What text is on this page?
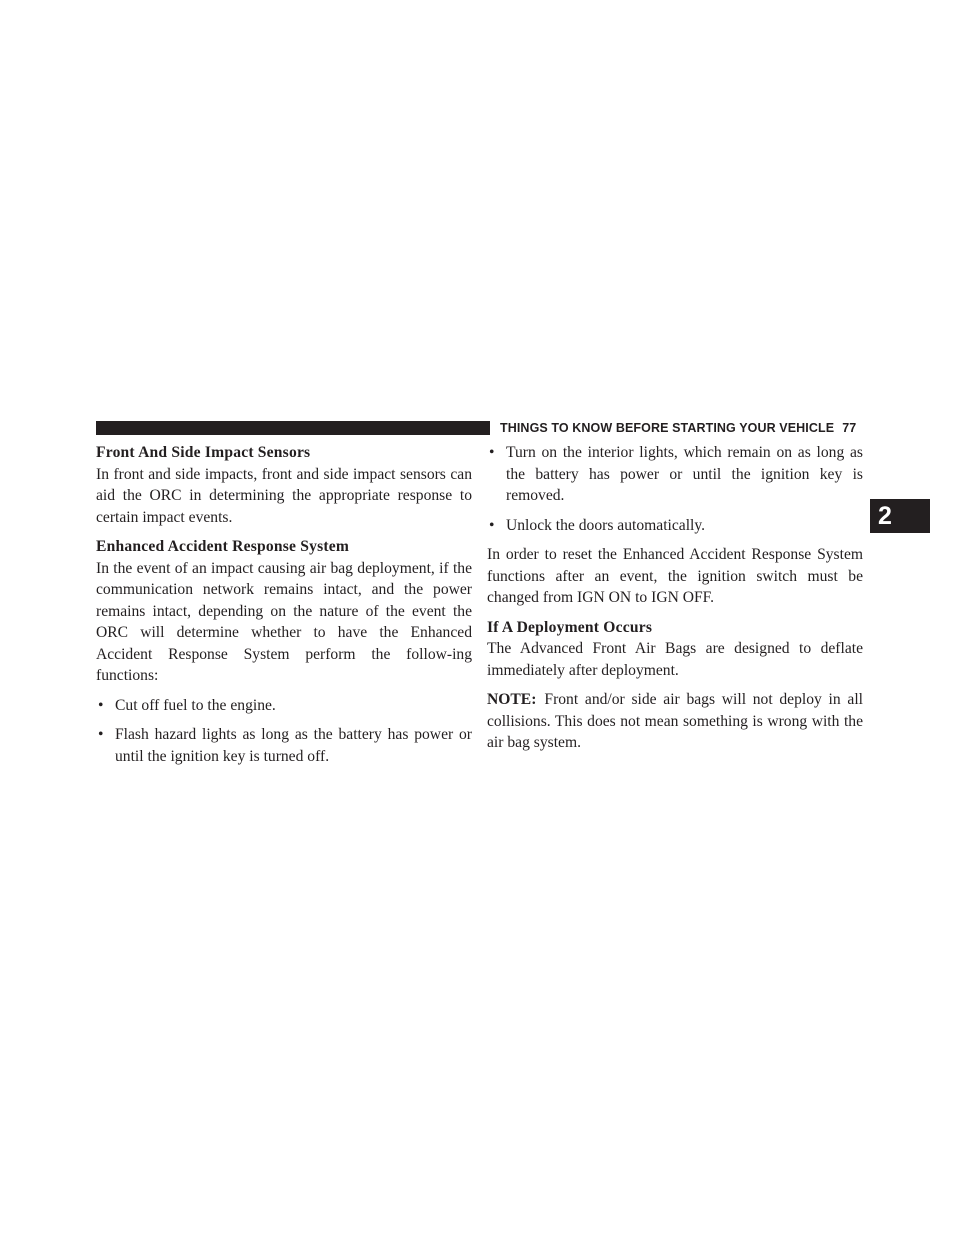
THINGS TO KNOW BEFORE STARTING YOUR VEHICLE 77
2
Front And Side Impact Sensors

In front and side impacts, front and side impact sensors can aid the ORC in determining the appropriate response to certain impact events.

Enhanced Accident Response System

In the event of an impact causing air bag deployment, if the communication network remains intact, and the power remains intact, depending on the nature of the event the ORC will determine whether to have the Enhanced Accident Response System perform the follow-ing functions:

• Cut off fuel to the engine.
• Flash hazard lights as long as the battery has power or until the ignition key is turned off.
• Turn on the interior lights, which remain on as long as the battery has power or until the ignition key is removed.
• Unlock the doors automatically.

In order to reset the Enhanced Accident Response System functions after an event, the ignition switch must be changed from IGN ON to IGN OFF.

If A Deployment Occurs

The Advanced Front Air Bags are designed to deflate immediately after deployment.

NOTE: Front and/or side air bags will not deploy in all collisions. This does not mean something is wrong with the air bag system.
